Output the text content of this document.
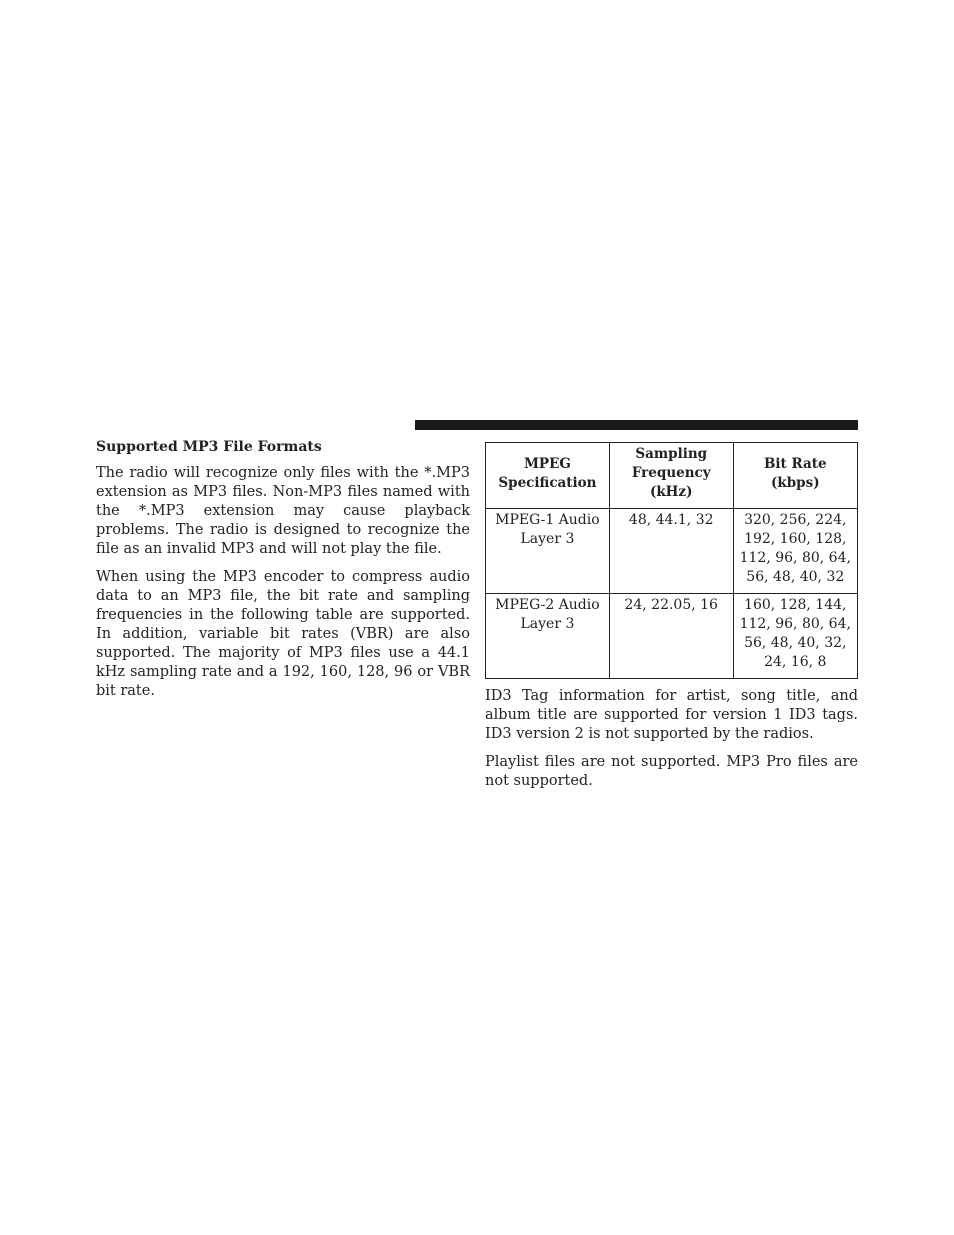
Supported MP3 File Formats

The radio will recognize only files with the *.MP3 extension as MP3 files. Non-MP3 files named with the *.MP3 extension may cause playback problems. The radio is designed to recognize the file as an invalid MP3 and will not play the file.

When using the MP3 encoder to compress audio data to an MP3 file, the bit rate and sampling frequencies in the following table are supported. In addition, variable bit rates (VBR) are also supported. The majority of MP3 files use a 44.1 kHz sampling rate and a 192, 160, 128, 96 or VBR bit rate.

MPEG Specification	Sampling Frequency (kHz)	Bit Rate (kbps)
MPEG-1 Audio Layer 3	48, 44.1, 32	320, 256, 224, 192, 160, 128, 112, 96, 80, 64, 56, 48, 40, 32
MPEG-2 Audio Layer 3	24, 22.05, 16	160, 128, 144, 112, 96, 80, 64, 56, 48, 40, 32, 24, 16, 8

ID3 Tag information for artist, song title, and album title are supported for version 1 ID3 tags. ID3 version 2 is not supported by the radios.

Playlist files are not supported. MP3 Pro files are not supported.
